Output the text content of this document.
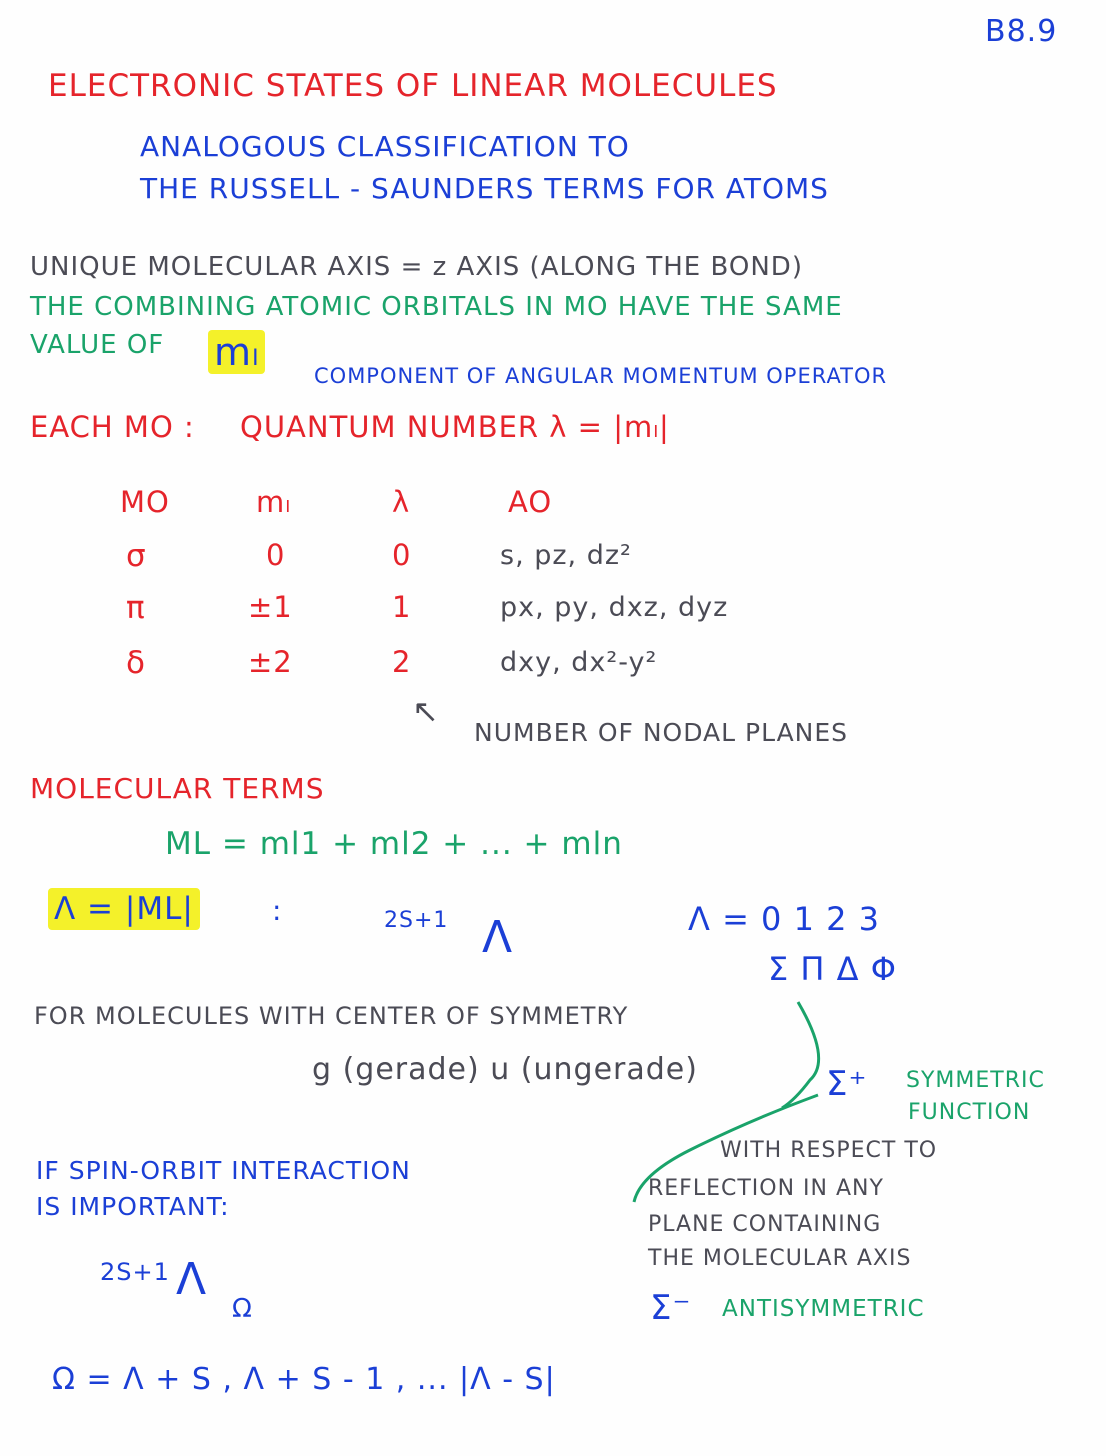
B8.9
ELECTRONIC STATES OF LINEAR MOLECULES
ANALOGOUS CLASSIFICATION TO
THE RUSSELL - SAUNDERS TERMS FOR ATOMS
UNIQUE MOLECULAR AXIS = z AXIS (ALONG THE BOND)
THE COMBINING ATOMIC ORBITALS IN MO HAVE THE SAME
VALUE OF mₗ
COMPONENT OF ANGULAR MOMENTUM OPERATOR
EACH MO : QUANTUM NUMBER λ = |mₗ|
MO	mₗ	λ	AO
σ	0	0	s, pz, dz²
π	±1	1	px, py, dxz, dyz
δ	±2	2	dxy, dx²-y²
↖
NUMBER OF NODAL PLANES
MOLECULAR TERMS
ML = ml1 + ml2 + ... + mln
Λ = |ML|	:	2S+1 Λ	Λ = 0 1 2 3
Σ Π Δ Φ
FOR MOLECULES WITH CENTER OF SYMMETRY
g (gerade) u (ungerade)	Σ⁺ SYMMETRIC
FUNCTION
WITH RESPECT TO
REFLECTION IN ANY
PLANE CONTAINING
THE MOLECULAR AXIS
Σ⁻ ANTISYMMETRIC
IF SPIN-ORBIT INTERACTION
IS IMPORTANT:
2S+1 Λ
Ω
Ω = Λ + S , Λ + S - 1 , ... |Λ - S|
